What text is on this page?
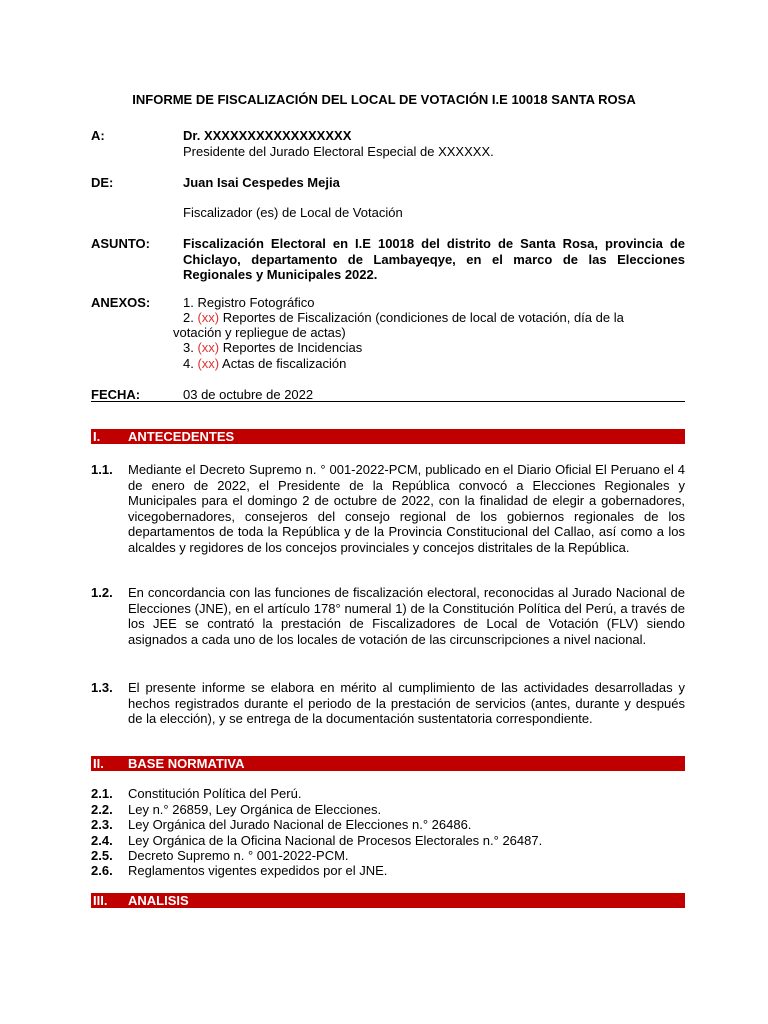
INFORME DE FISCALIZACIÓN DEL LOCAL DE VOTACIÓN I.E 10018 SANTA ROSA
A:	Dr. XXXXXXXXXXXXXXXXX
Presidente del Jurado Electoral Especial de XXXXXX.
DE:	Juan Isai Cespedes Mejia
Fiscalizador (es) de Local de Votación
ASUNTO:	Fiscalización Electoral en I.E 10018 del distrito de Santa Rosa, provincia de Chiclayo, departamento de Lambayeqye, en el marco de las Elecciones Regionales y Municipales 2022.
ANEXOS:	1. Registro Fotográfico
2. (xx) Reportes de Fiscalización (condiciones de local de votación, día de la
votación y repliegue de actas)
3. (xx) Reportes de Incidencias
4. (xx) Actas de fiscalización
FECHA:	03 de octubre de 2022
I. ANTECEDENTES
1.1. Mediante el Decreto Supremo n. ° 001-2022-PCM, publicado en el Diario Oficial El Peruano el 4 de enero de 2022, el Presidente de la República convocó a Elecciones Regionales y Municipales para el domingo 2 de octubre de 2022, con la finalidad de elegir a gobernadores, vicegobernadores, consejeros del consejo regional de los gobiernos regionales de los departamentos de toda la República y de la Provincia Constitucional del Callao, así como a los alcaldes y regidores de los concejos provinciales y concejos distritales de la República.
1.2. En concordancia con las funciones de fiscalización electoral, reconocidas al Jurado Nacional de Elecciones (JNE), en el artículo 178° numeral 1) de la Constitución Política del Perú, a través de los JEE se contrató la prestación de Fiscalizadores de Local de Votación (FLV) siendo asignados a cada uno de los locales de votación de las circunscripciones a nivel nacional.
1.3. El presente informe se elabora en mérito al cumplimiento de las actividades desarrolladas y hechos registrados durante el periodo de la prestación de servicios (antes, durante y después de la elección), y se entrega de la documentación sustentatoria correspondiente.
II. BASE NORMATIVA
2.1. Constitución Política del Perú.
2.2. Ley n.° 26859, Ley Orgánica de Elecciones.
2.3. Ley Orgánica del Jurado Nacional de Elecciones n.° 26486.
2.4. Ley Orgánica de la Oficina Nacional de Procesos Electorales n.° 26487.
2.5. Decreto Supremo n. ° 001-2022-PCM.
2.6. Reglamentos vigentes expedidos por el JNE.
III. ANALISIS
